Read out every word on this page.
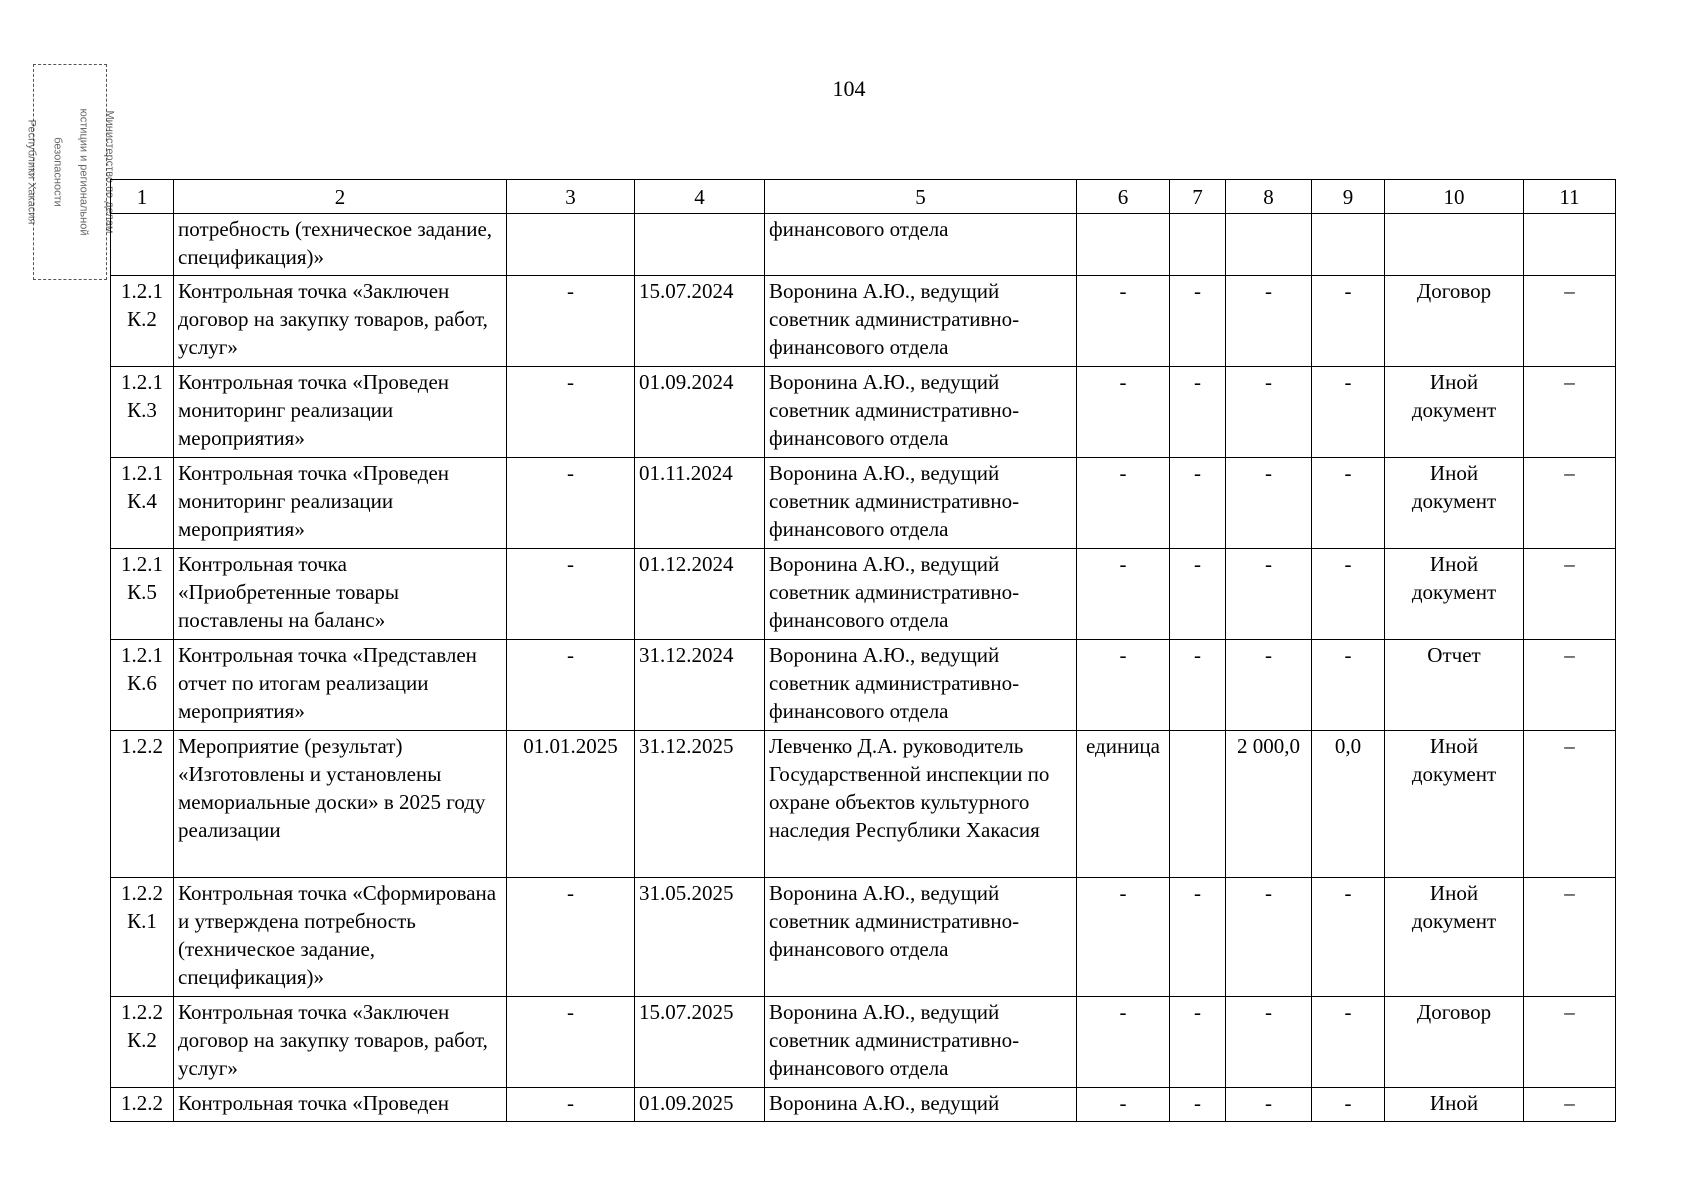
104

Министерство по делам

юстиции и региональной

безопасности

Республики Хакасия	1	2	3	4	5	6	7	8	9	10	11
	потребность (техническое задание, спецификация)»			финансового отдела						
1.2.1 К.2	Контрольная точка «Заключен договор на закупку товаров, работ, услуг»	-	15.07.2024	Воронина А.Ю., ведущий советник административно-финансового отдела	-	-	-	-	Договор	–
1.2.1 К.3	Контрольная точка «Проведен мониторинг реализации мероприятия»	-	01.09.2024	Воронина А.Ю., ведущий советник административно-финансового отдела	-	-	-	-	Иной документ	–
1.2.1 К.4	Контрольная точка «Проведен мониторинг реализации мероприятия»	-	01.11.2024	Воронина А.Ю., ведущий советник административно-финансового отдела	-	-	-	-	Иной документ	–
1.2.1 К.5	Контрольная точка «Приобретенные товары поставлены на баланс»	-	01.12.2024	Воронина А.Ю., ведущий советник административно-финансового отдела	-	-	-	-	Иной документ	–
1.2.1 К.6	Контрольная точка «Представлен отчет по итогам реализации мероприятия»	-	31.12.2024	Воронина А.Ю., ведущий советник административно-финансового отдела	-	-	-	-	Отчет	–
1.2.2	Мероприятие (результат) «Изготовлены и установлены мемориальные доски» в 2025 году реализации	01.01.2025	31.12.2025	Левченко Д.А. руководитель Государственной инспекции по охране объектов культурного наследия Республики Хакасия	единица		2 000,0	0,0	Иной документ	–
1.2.2 К.1	Контрольная точка «Сформирована и утверждена потребность (техническое задание, спецификация)»	-	31.05.2025	Воронина А.Ю., ведущий советник административно-финансового отдела	-	-	-	-	Иной документ	–
1.2.2 К.2	Контрольная точка «Заключен договор на закупку товаров, работ, услуг»	-	15.07.2025	Воронина А.Ю., ведущий советник административно-финансового отдела	-	-	-	-	Договор	–
1.2.2	Контрольная точка «Проведен	-	01.09.2025	Воронина А.Ю., ведущий	-	-	-	-	Иной	–
